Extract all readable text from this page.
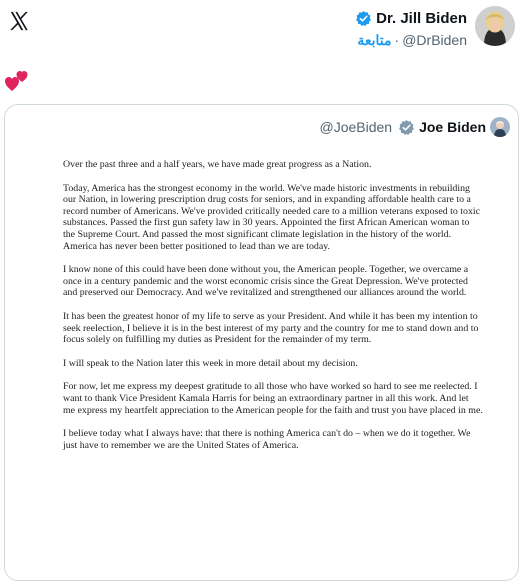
Dr. Jill Biden
متابعة · @DrBiden
@JoeBiden Joe Biden

Over the past three and a half years, we have made great progress as a Nation.

Today, America has the strongest economy in the world. We've made historic investments in rebuilding our Nation, in lowering prescription drug costs for seniors, and in expanding affordable health care to a record number of Americans. We've provided critically needed care to a million veterans exposed to toxic substances. Passed the first gun safety law in 30 years. Appointed the first African American woman to the Supreme Court. And passed the most significant climate legislation in the history of the world. America has never been better positioned to lead than we are today.

I know none of this could have been done without you, the American people. Together, we overcame a once in a century pandemic and the worst economic crisis since the Great Depression. We've protected and preserved our Democracy. And we've revitalized and strengthened our alliances around the world.

It has been the greatest honor of my life to serve as your President. And while it has been my intention to seek reelection, I believe it is in the best interest of my party and the country for me to stand down and to focus solely on fulfilling my duties as President for the remainder of my term.

I will speak to the Nation later this week in more detail about my decision.

For now, let me express my deepest gratitude to all those who have worked so hard to see me reelected. I want to thank Vice President Kamala Harris for being an extraordinary partner in all this work. And let me express my heartfelt appreciation to the American people for the faith and trust you have placed in me.

I believe today what I always have: that there is nothing America can't do – when we do it together. We just have to remember we are the United States of America.
